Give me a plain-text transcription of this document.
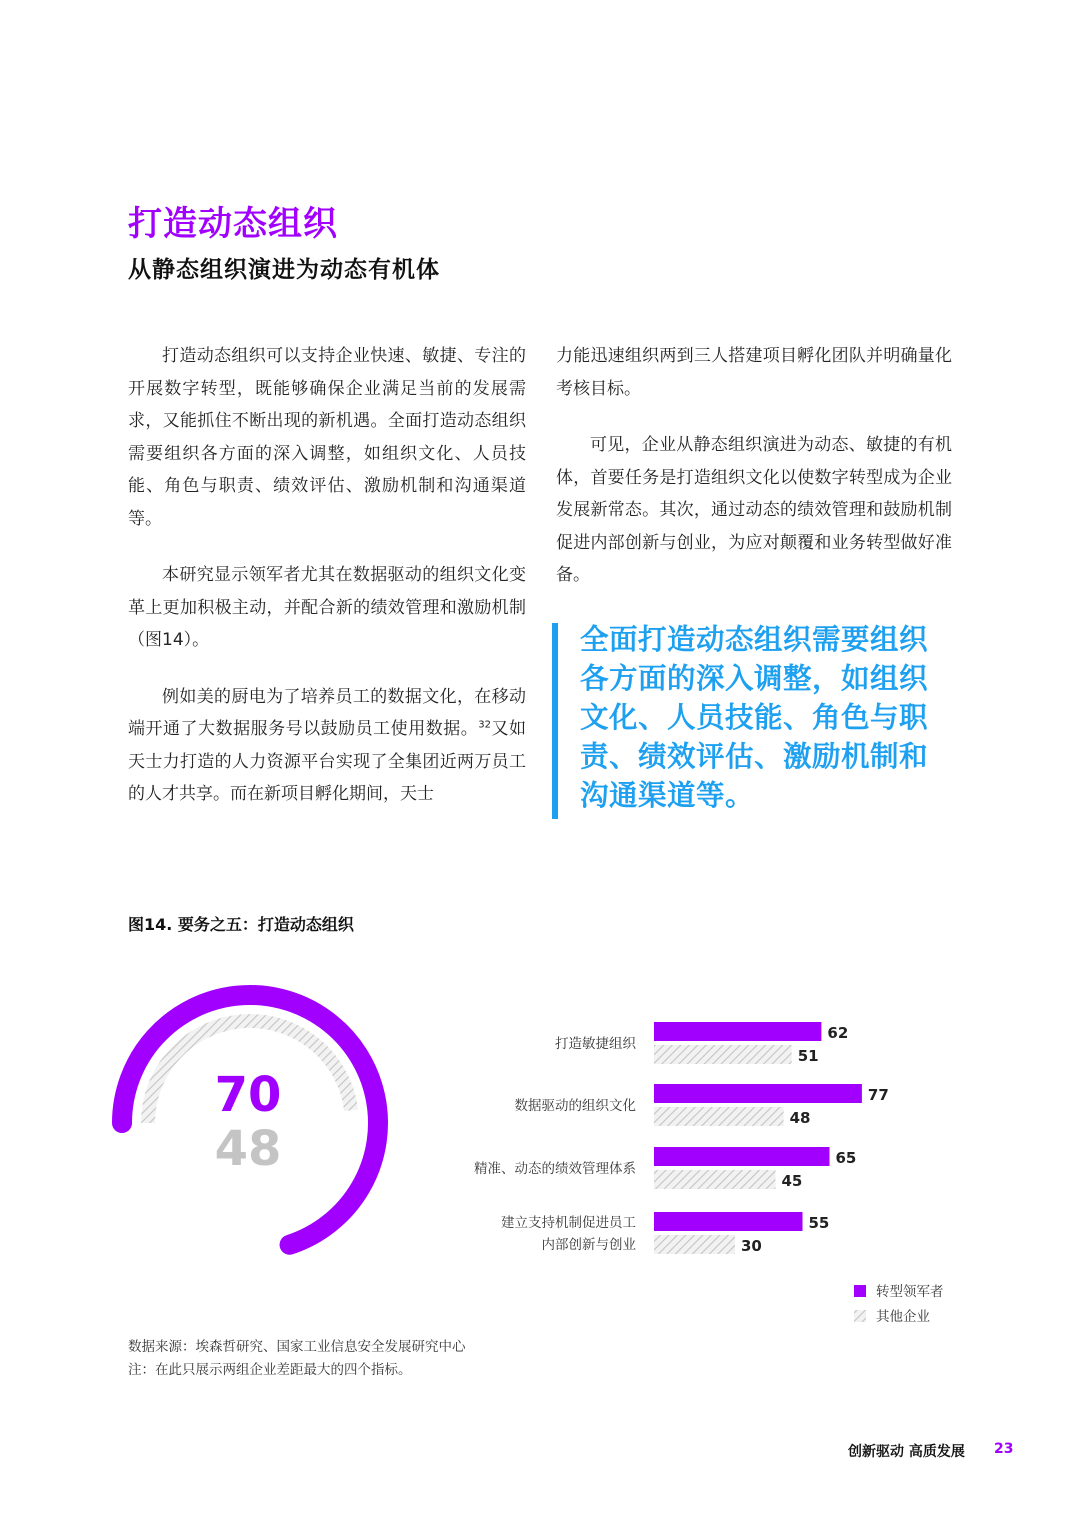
打造动态组织
从静态组织演进为动态有机体

打造动态组织可以支持企业快速、敏捷、专注的开展数字转型，既能够确保企业满足当前的发展需求，又能抓住不断出现的新机遇。全面打造动态组织需要组织各方面的深入调整，如组织文化、人员技能、角色与职责、绩效评估、激励机制和沟通渠道等。

本研究显示领军者尤其在数据驱动的组织文化变革上更加积极主动，并配合新的绩效管理和激励机制（图14）。

例如美的厨电为了培养员工的数据文化，在移动端开通了大数据服务号以鼓励员工使用数据。$^{32}$又如天士力打造的人力资源平台实现了全集团近两万员工的人才共享。而在新项目孵化期间，天士

力能迅速组织两到三人搭建项目孵化团队并明确量化考核目标。

可见，企业从静态组织演进为动态、敏捷的有机体，首要任务是打造组织文化以使数字转型成为企业发展新常态。其次，通过动态的绩效管理和鼓励机制促进内部创新与创业，为应对颠覆和业务转型做好准备。

全面打造动态组织需要组织各方面的深入调整，如组织文化、人员技能、角色与职责、绩效评估、激励机制和沟通渠道等。
图14. 要务之五：打造动态组织
70
48
打造敏捷组织
62
51
数据驱动的组织文化
77
48
精准、动态的绩效管理体系
65
45
建立支持机制促进员工
内部创新与创业
55
30
转型领军者
其他企业
数据来源：埃森哲研究、国家工业信息安全发展研究中心
注：在此只展示两组企业差距最大的四个指标。
创新驱动 高质发展 23
